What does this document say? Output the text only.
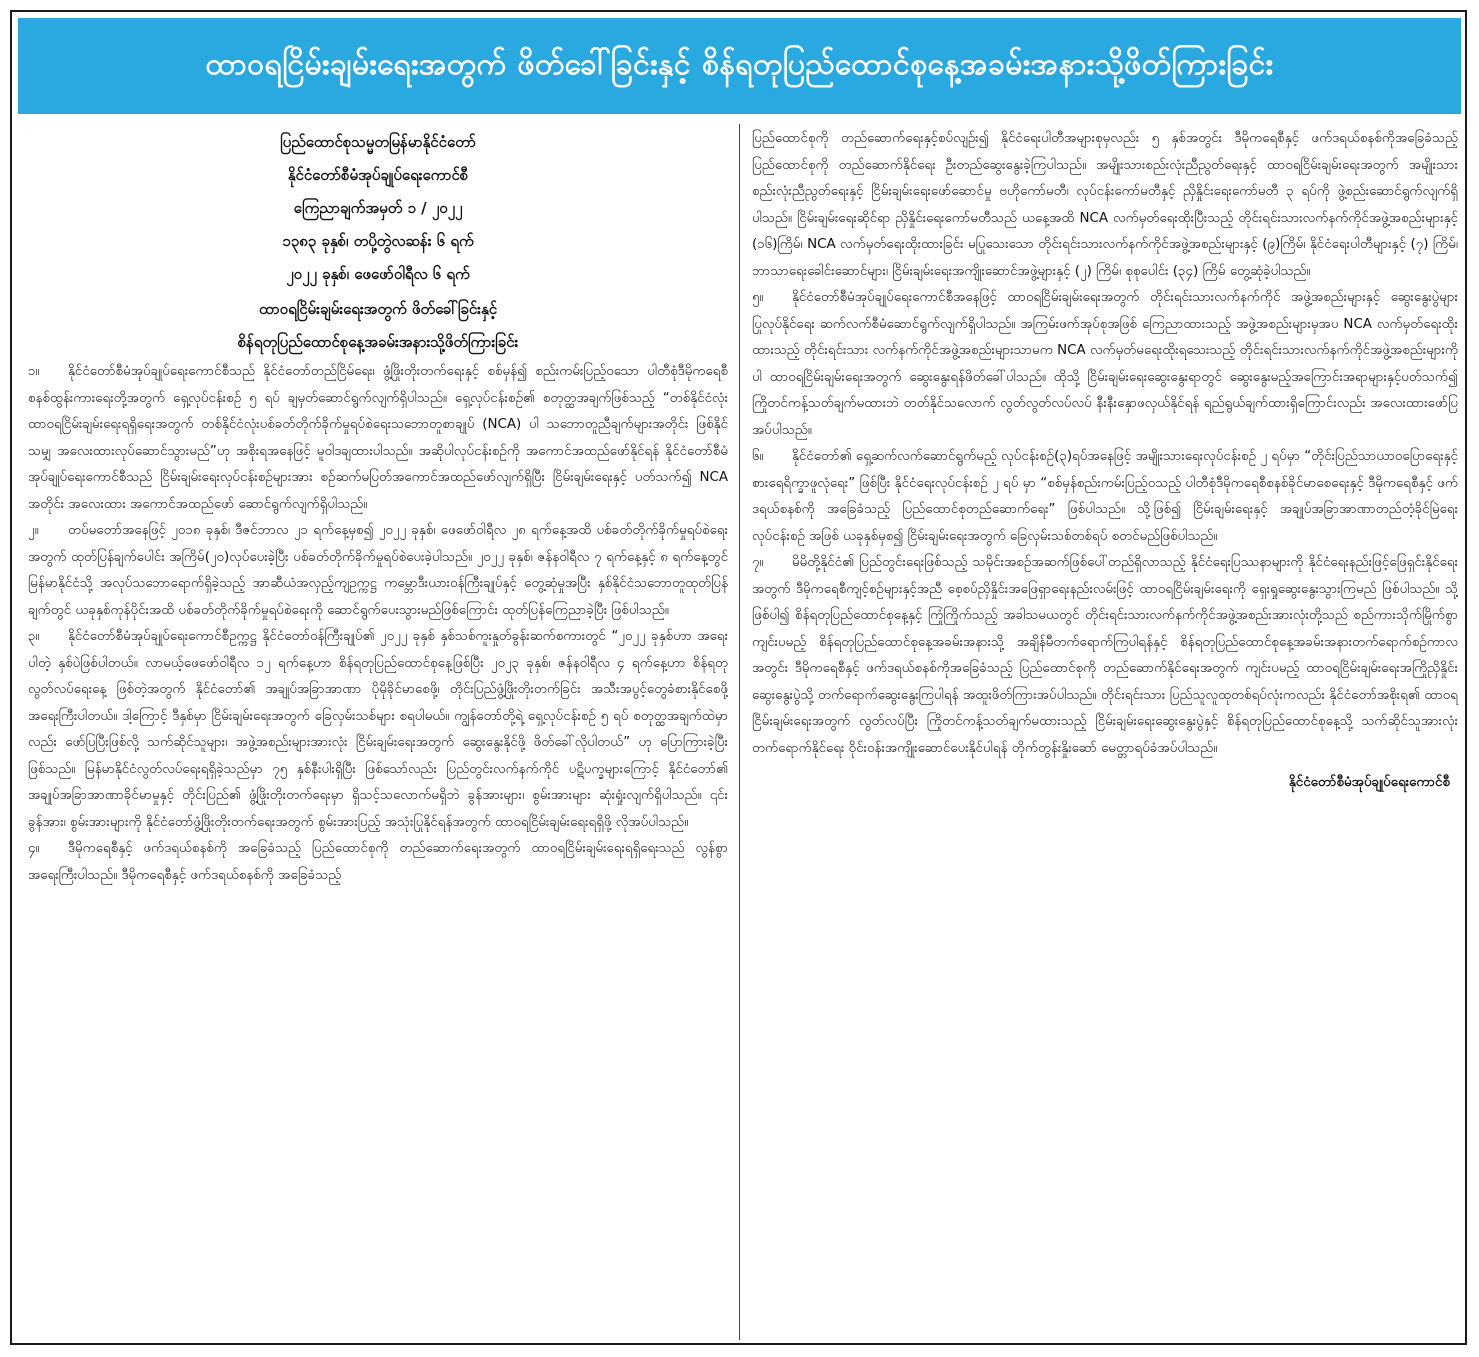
ထာ၀ရငြိမ်းချမ်းရေးအတွက် ဖိတ်ခေါ်ခြင်းနှင့် စိန်ရတုပြည်ထောင်စုနေ့အခမ်းအနားသို့ဖိတ်ကြားခြင်း
ပြည်ထောင်စုသမ္မတမြန်မာနိုင်ငံတော်
နိုင်ငံတော်စီမံအုပ်ချုပ်ရေးကောင်စီ
ကြေညာချက်အမှတ် ၁ / ၂၀၂၂
၁၃၈၃ ခုနှစ်၊ တပို့တွဲလဆန်း ၆ ရက်
၂၀၂၂ ခုနှစ်၊ ဖေဖော်ဝါရီလ ၆ ရက်
ထာ၀ရငြိမ်းချမ်းရေးအတွက် ဖိတ်ခေါ်ခြင်းနှင့်
စိန်ရတုပြည်ထောင်စုနေ့အခမ်းအနားသို့ဖိတ်ကြားခြင်း

၁။ နိုင်ငံတော်စီမံအုပ်ချုပ်ရေးကောင်စီသည် နိုင်ငံတော်တည်ငြိမ်ရေး၊ ဖွံ့ဖြိုးတိုးတက်ရေးနှင့် စစ်မှန်၍ စည်းကမ်းပြည့်ဝသော ပါတီစုံဒီမိုကရေစီစနစ်ထွန်းကားရေးတို့အတွက် ရှေ့လုပ်ငန်းစဉ် ၅ ရပ် ချမှတ်ဆောင်ရွက်လျက်ရှိပါသည်။ ရှေ့လုပ်ငန်းစဉ်၏ စတုတ္ထအချက်ဖြစ်သည့် “တစ်နိုင်ငံလုံး ထာဝရငြိမ်းချမ်းရေးရရှိရေးအတွက် တစ်နိုင်ငံလုံးပစ်ခတ်တိုက်ခိုက်မှုရပ်စဲရေးသဘောတူစာချုပ် (NCA) ပါ သဘောတူညီချက်များအတိုင်း ဖြစ်နိုင်သမျှ အလေးထားလုပ်ဆောင်သွားမည်”ဟု အစိုးရအနေဖြင့် မူဝါဒချထားပါသည်။ အဆိုပါလုပ်ငန်းစဉ်ကို အကောင်အထည်ဖော်နိုင်ရန် နိုင်ငံတော်စီမံအုပ်ချုပ်ရေးကောင်စီသည် ငြိမ်းချမ်းရေးလုပ်ငန်းစဉ်များအား စဉ်ဆက်မပြတ်အကောင်အထည်ဖော်လျက်ရှိပြီး ငြိမ်းချမ်းရေးနှင့် ပတ်သက်၍ NCA အတိုင်း အလေးထား အကောင်အထည်ဖော် ဆောင်ရွက်လျက်ရှိပါသည်။

၂။ တပ်မတော်အနေဖြင့် ၂၀၁၈ ခုနှစ်၊ ဒီဇင်ဘာလ ၂၁ ရက်နေ့မှစ၍ ၂၀၂၂ ခုနှစ်၊ ဖေဖော်ဝါရီလ ၂၈ ရက်နေ့အထိ ပစ်ခတ်တိုက်ခိုက်မှုရပ်စဲရေးအတွက် ထုတ်ပြန်ချက်ပေါင်း အကြိမ်(၂၀)လုပ်ပေးခဲ့ပြီး ပစ်ခတ်တိုက်ခိုက်မှုရပ်စဲပေးခဲ့ပါသည်။ ၂၀၂၂ ခုနှစ်၊ ဇန်နဝါရီလ ၇ ရက်နေ့နှင့် ၈ ရက်နေ့တွင် မြန်မာနိုင်ငံသို့ အလုပ်သဘောရောက်ရှိခဲ့သည့် အာဆီယံအလှည့်ကျဥက္ကဋ္ဌ ကမ္ဘောဒီးယားဝန်ကြီးချုပ်နှင့် တွေ့ဆုံမှုအပြီး နှစ်နိုင်ငံသဘောတူထုတ်ပြန်ချက်တွင် ယခုနှစ်ကုန်ပိုင်းအထိ ပစ်ခတ်တိုက်ခိုက်မှုရပ်စဲရေးကို ဆောင်ရွက်ပေးသွားမည်ဖြစ်ကြောင်း ထုတ်ပြန်ကြေညာခဲ့ပြီး ဖြစ်ပါသည်။

၃။ နိုင်ငံတော်စီမံအုပ်ချုပ်ရေးကောင်စီဥက္ကဋ္ဌ နိုင်ငံတော်ဝန်ကြီးချုပ်၏ ၂၀၂၂ ခုနှစ် နှစ်သစ်ကူးနှုတ်ခွန်းဆက်စကားတွင် “၂၀၂၂ ခုနှစ်ဟာ အရေးပါတဲ့ နှစ်ပဲဖြစ်ပါတယ်။ လာမယ့်ဖေဖော်ဝါရီလ ၁၂ ရက်နေ့ဟာ စိန်ရတုပြည်ထောင်စုနေ့ဖြစ်ပြီး ၂၀၂၃ ခုနှစ်၊ ဇန်နဝါရီလ ၄ ရက်နေ့ဟာ စိန်ရတုလွတ်လပ်ရေးနေ့ ဖြစ်တဲ့အတွက် နိုင်ငံတော်၏ အချုပ်အခြာအာဏာ ပိုမိုခိုင်မာစေဖို့၊ တိုင်းပြည်ဖွံ့ဖြိုးတိုးတက်ခြင်း အသီးအပွင့်တွေခံစားနိုင်စေဖို့ အရေးကြီးပါတယ်။ ဒါ့ကြောင့် ဒီနှစ်မှာ ငြိမ်းချမ်းရေးအတွက် ခြေလှမ်းသစ်များ စရပါမယ်။ ကျွန်တော်တို့ရဲ့ ရှေ့လုပ်ငန်းစဉ် ၅ ရပ် စတုတ္ထအချက်ထဲမှာလည်း ဖော်ပြပြီးဖြစ်လို့ သက်ဆိုင်သူများ၊ အဖွဲ့အစည်းများအားလုံး ငြိမ်းချမ်းရေးအတွက် ဆွေးနွေးနိုင်ဖို့ ဖိတ်ခေါ်လိုပါတယ်” ဟု ပြောကြားခဲ့ပြီး ဖြစ်သည်။ မြန်မာနိုင်ငံလွတ်လပ်ရေးရရှိခဲ့သည်မှာ ၇၅ နှစ်နီးပါးရှိပြီး ဖြစ်သော်လည်း ပြည်တွင်းလက်နက်ကိုင် ပဋိပက္ခများကြောင့် နိုင်ငံတော်၏ အချုပ်အခြာအာဏာခိုင်မာမှုနှင့် တိုင်းပြည်၏ ဖွံ့ဖြိုးတိုးတက်ရေးမှာ ရှိသင့်သလောက်မရှိဘဲ ခွန်အားများ၊ စွမ်းအားများ ဆုံးရှုံးလျက်ရှိပါသည်။ ၎င်းခွန်အား၊ စွမ်းအားများကို နိုင်ငံတော်ဖွံ့ဖြိုးတိုးတက်ရေးအတွက် စွမ်းအားပြည့် အသုံးပြုနိုင်ရန်အတွက် ထာ၀ရငြိမ်းချမ်းရေးရရှိဖို့ လိုအပ်ပါသည်။

၄။ ဒီမိုကရေစီနှင့် ဖက်ဒရယ်စနစ်ကို အခြေခံသည့် ပြည်ထောင်စုကို တည်ဆောက်ရေးအတွက် ထာဝရငြိမ်းချမ်းရေးရရှိရေးသည် လွန်စွာအရေးကြီးပါသည်။ ဒီမိုကရေစီနှင့် ဖက်ဒရယ်စနစ်ကို အခြေခံသည့်

ပြည်ထောင်စုကို တည်ဆောက်ရေးနှင့်စပ်လျဉ်း၍ နိုင်ငံရေးပါတီအများစုမှလည်း ၅ နှစ်အတွင်း ဒီမိုကရေစီနှင့် ဖက်ဒရယ်စနစ်ကိုအခြေခံသည့် ပြည်ထောင်စုကို တည်ဆောက်နိုင်ရေး ဦးတည်ဆွေးနွေးခဲ့ကြပါသည်။ အမျိုးသားစည်းလုံးညီညွတ်ရေးနှင့် ထာဝရငြိမ်းချမ်းရေးအတွက် အမျိုးသားစည်းလုံးညီညွတ်ရေးနှင့် ငြိမ်းချမ်းရေးဖော်ဆောင်မှု ဗဟိုကော်မတီ၊ လုပ်ငန်းကော်မတီနှင့် ညှိနှိုင်းရေးကော်မတီ ၃ ရပ်ကို ဖွဲ့စည်းဆောင်ရွက်လျက်ရှိပါသည်။ ငြိမ်းချမ်းရေးဆိုင်ရာ ညှိနှိုင်းရေးကော်မတီသည် ယနေ့အထိ NCA လက်မှတ်ရေးထိုးပြီးသည့် တိုင်းရင်းသားလက်နက်ကိုင်အဖွဲ့အစည်းများနှင့် (၁၆)ကြိမ်၊ NCA လက်မှတ်ရေးထိုးထားခြင်း မပြုသေးသော တိုင်းရင်းသားလက်နက်ကိုင်အဖွဲ့အစည်းများနှင့် (၉)ကြိမ်၊ နိုင်ငံရေးပါတီများနှင့် (၇) ကြိမ်၊ ဘာသာရေးခေါင်းဆောင်များ၊ ငြိမ်းချမ်းရေးအကျိုးဆောင်အဖွဲ့များနှင့် (၂) ကြိမ်၊ စုစုပေါင်း (၃၄) ကြိမ် တွေ့ဆုံခဲ့ပါသည်။

၅။ နိုင်ငံတော်စီမံအုပ်ချုပ်ရေးကောင်စီအနေဖြင့် ထာဝရငြိမ်းချမ်းရေးအတွက် တိုင်းရင်းသားလက်နက်ကိုင် အဖွဲ့အစည်းများနှင့် ဆွေးနွေးပွဲများပြုလုပ်နိုင်ရေး ဆက်လက်စီမံဆောင်ရွက်လျက်ရှိပါသည်။ အကြမ်းဖက်အုပ်စုအဖြစ် ကြေညာထားသည့် အဖွဲ့အစည်းများမှအပ NCA လက်မှတ်ရေးထိုးထားသည့် တိုင်းရင်းသား လက်နက်ကိုင်အဖွဲ့အစည်းများသာမက NCA လက်မှတ်မရေးထိုးရသေးသည့် တိုင်းရင်းသားလက်နက်ကိုင်အဖွဲ့အစည်းများကိုပါ ထာဝရငြိမ်းချမ်းရေးအတွက် ဆွေးနွေးရန်ဖိတ်ခေါ်ပါသည်။ ထိုသို့ ငြိမ်းချမ်းရေးဆွေးနွေးရာတွင် ဆွေးနွေးမည့်အကြောင်းအရာများနှင့်ပတ်သက်၍ ကြိုတင်ကန့်သတ်ချက်မထားဘဲ တတ်နိုင်သလောက် လွတ်လွတ်လပ်လပ် နီးနီးနှောဖလှယ်နိုင်ရန် ရည်ရွယ်ချက်ထားရှိကြောင်းလည်း အလေးထားဖော်ပြအပ်ပါသည်။

၆။ နိုင်ငံတော်၏ ရှေ့ဆက်လက်ဆောင်ရွက်မည့် လုပ်ငန်းစဉ်(၃)ရပ်အနေဖြင့် အမျိုးသားရေးလုပ်ငန်းစဉ် ၂ ရပ်မှာ “တိုင်းပြည်သာယာဝပြောရေးနှင့် စားရေရိက္ခာဖူလုံရေး” ဖြစ်ပြီး နိုင်ငံရေးလုပ်ငန်းစဉ် ၂ ရပ် မှာ “စစ်မှန်စည်းကမ်းပြည့်ဝသည့် ပါတီစုံဒီမိုကရေစီစနစ်ခိုင်မာစေရေးနှင့် ဒီမိုကရေစီနှင့် ဖက်ဒရယ်စနစ်ကို အခြေခံသည့် ပြည်ထောင်စုတည်ဆောက်ရေး” ဖြစ်ပါသည်။ သို့ဖြစ်၍ ငြိမ်းချမ်းရေးနှင့် အချုပ်အခြာအာဏာတည်တံ့ခိုင်မြဲရေး လုပ်ငန်းစဉ် အဖြစ် ယခုနှစ်မှစ၍ ငြိမ်းချမ်းရေးအတွက် ခြေလှမ်းသစ်တစ်ရပ် စတင်မည်ဖြစ်ပါသည်။

၇။ မိမိတို့နိုင်ငံ၏ ပြည်တွင်းရေးဖြစ်သည့် သမိုင်းအစဉ်အဆက်ဖြစ်ပေါ်တည်ရှိလာသည့် နိုင်ငံရေးပြဿနာများကို နိုင်ငံရေးနည်းဖြင့်ဖြေရှင်းနိုင်ရေးအတွက် ဒီမိုကရေစီကျင့်စဉ်များနှင့်အညီ စေ့စပ်ညှိနှိုင်းအဖြေရှာရေးနည်းလမ်းဖြင့် ထာဝရငြိမ်းချမ်းရေးကို ရှေးရှုဆွေးနွေးသွားကြမည် ဖြစ်ပါသည်။ သို့ဖြစ်ပါ၍ စိန်ရတုပြည်ထောင်စုနေ့နှင့် ကြုံကြိုက်သည့် အခါသမယတွင် တိုင်းရင်းသားလက်နက်ကိုင်အဖွဲ့အစည်းအားလုံးတို့သည် စည်ကားသိုက်မြိုက်စွာကျင်းပမည့် စိန်ရတုပြည်ထောင်စုနေ့အခမ်းအနားသို့ အချိန်မီတက်ရောက်ကြပါရန်နှင့် စိန်ရတုပြည်ထောင်စုနေ့အခမ်းအနားတက်ရောက်စဉ်ကာလအတွင်း ဒီမိုကရေစီနှင့် ဖက်ဒရယ်စနစ်ကိုအခြေခံသည့် ပြည်ထောင်စုကို တည်ဆောက်နိုင်ရေးအတွက် ကျင်းပမည့် ထာဝရငြိမ်းချမ်းရေးအကြိုညှိနှိုင်းဆွေးနွေးပွဲသို့ တက်ရောက်ဆွေးနွေးကြပါရန် အထူးဖိတ်ကြားအပ်ပါသည်။ တိုင်းရင်းသား ပြည်သူလူထုတစ်ရပ်လုံးကလည်း နိုင်ငံတော်အစိုးရ၏ ထာဝရငြိမ်းချမ်းရေးအတွက် လွတ်လပ်ပြီး ကြိုတင်ကန့်သတ်ချက်မထားသည့် ငြိမ်းချမ်းရေးဆွေးနွေးပွဲနှင့် စိန်ရတုပြည်ထောင်စုနေ့သို့ သက်ဆိုင်သူအားလုံး တက်ရောက်နိုင်ရေး ဝိုင်းဝန်းအကျိုးဆောင်ပေးနိုင်ပါရန် တိုက်တွန်းနှိုးဆော် မေတ္တာရပ်ခံအပ်ပါသည်။

နိုင်ငံတော်စီမံအုပ်ချုပ်ရေးကောင်စီ
